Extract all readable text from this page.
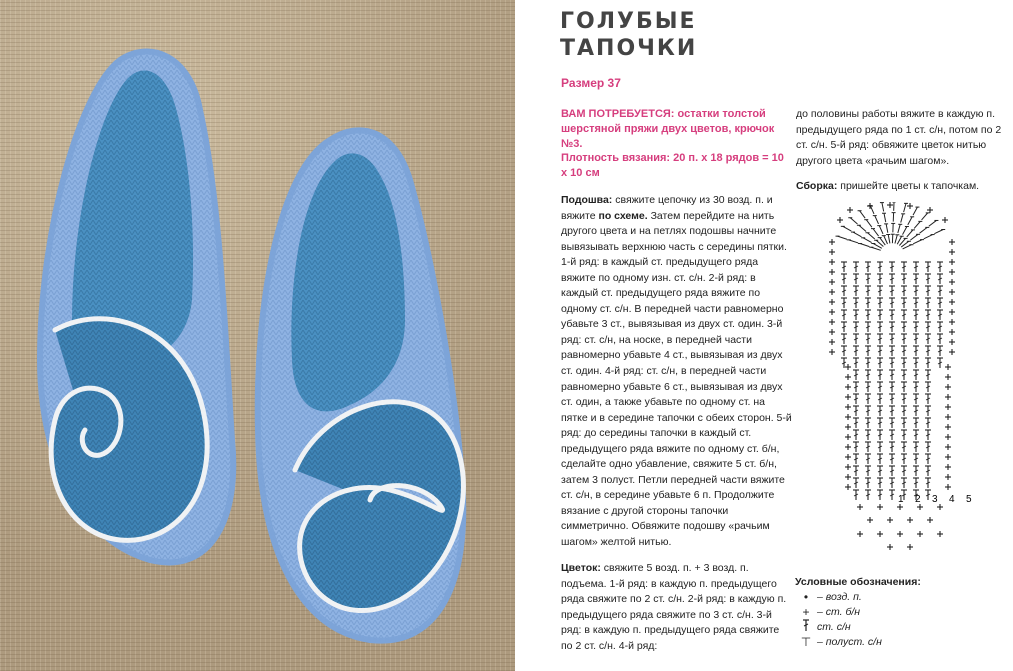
ГОЛУБЫЕ
ТАПОЧКИ
Размер 37
ВАМ ПОТРЕБУЕТСЯ: остатки толстой шерстяной пряжи двух цветов, крючок №3.
Плотность вязания: 20 п. х 18 рядов = 10 х 10 см
Подошва: свяжите цепочку из 30 возд. п. и вяжите по схеме. Затем перейдите на нить другого цвета и на петлях подошвы начните вывязывать верхнюю часть с середины пятки. 1-й ряд: в каждый ст. предыдущего ряда вяжите по одному изн. ст. с/н. 2-й ряд: в каждый ст. предыдущего ряда вяжите по одному ст. с/н. В передней части равномерно убавьте 3 ст., вывязывая из двух ст. один. 3-й ряд: ст. с/н, на носке, в передней части равномерно убавьте 4 ст., вывязывая из двух ст. один. 4-й ряд: ст. с/н, в передней части равномерно убавьте 6 ст., вывязывая из двух ст. один, а также убавьте по одному ст. на пятке и в середине тапочки с обеих сторон. 5-й ряд: до середины тапочки в каждый ст. предыдущего ряда вяжите по одному ст. б/н, сделайте одно убавление, свяжите 5 ст. б/н, затем 3 полуст. Петли передней части вяжите ст. с/н, в середине убавьте 6 п. Продолжите вязание с другой стороны тапочки симметрично. Обвяжите подошву «рачьим шагом» желтой нитью.
Цветок: свяжите 5 возд. п. + 3 возд. п. подъема. 1-й ряд: в каждую п. предыдущего ряда свяжите по 2 ст. с/н. 2-й ряд: в каждую п. предыдущего ряда свяжите по 3 ст. с/н. 3-й ряд: в каждую п. предыдущего ряда свяжите по 2 ст. с/н. 4-й ряд:
до половины работы вяжите в каждую п. предыдущего ряда по 1 ст. с/н, потом по 2 ст. с/н. 5-й ряд: обвяжите цветок нитью другого цвета «рачьим шагом».
Сборка: пришейте цветы к тапочкам.
1 2 3 4 5
Условные обозначения:
• – возд. п.
+ – ст. б/н
ст. с/н
⊤ – полуст. с/н
